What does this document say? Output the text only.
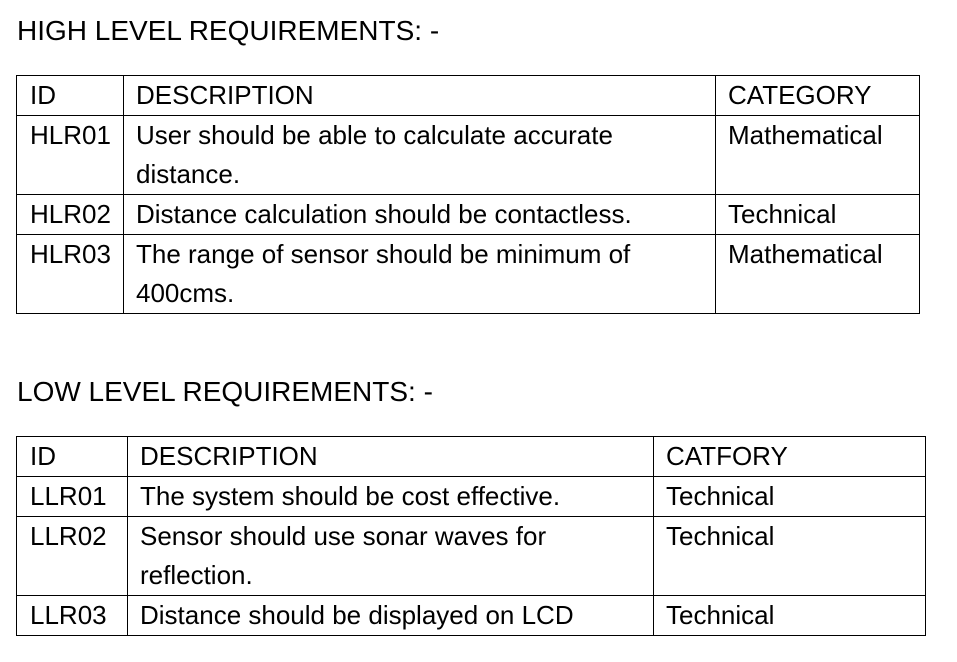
HIGH LEVEL REQUIREMENTS: -
ID	DESCRIPTION	CATEGORY
HLR01	User should be able to calculate accurate distance.	Mathematical
HLR02	Distance calculation should be contactless.	Technical
HLR03	The range of sensor should be minimum of 400cms.	Mathematical
LOW LEVEL REQUIREMENTS: -
ID	DESCRIPTION	CATFORY
LLR01	The system should be cost effective.	Technical
LLR02	Sensor should use sonar waves for reflection.	Technical
LLR03	Distance should be displayed on LCD	Technical
